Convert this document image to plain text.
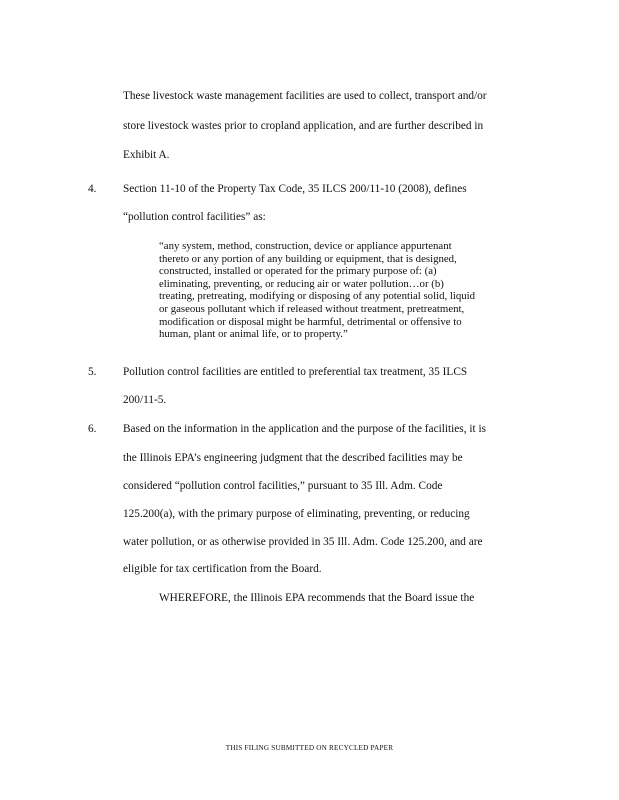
These livestock waste management facilities are used to collect, transport and/or
store livestock wastes prior to cropland application, and are further described in
Exhibit A.
4. Section 11-10 of the Property Tax Code, 35 ILCS 200/11-10 (2008), defines
“pollution control facilities” as:
“any system, method, construction, device or appliance appurtenant
thereto or any portion of any building or equipment, that is designed,
constructed, installed or operated for the primary purpose of: (a)
eliminating, preventing, or reducing air or water pollution…or (b)
treating, pretreating, modifying or disposing of any potential solid, liquid
or gaseous pollutant which if released without treatment, pretreatment,
modification or disposal might be harmful, detrimental or offensive to
human, plant or animal life, or to property.”
5. Pollution control facilities are entitled to preferential tax treatment, 35 ILCS
200/11-5.
6. Based on the information in the application and the purpose of the facilities, it is
the Illinois EPA’s engineering judgment that the described facilities may be
considered “pollution control facilities,” pursuant to 35 Ill. Adm. Code
125.200(a), with the primary purpose of eliminating, preventing, or reducing
water pollution, or as otherwise provided in 35 Ill. Adm. Code 125.200, and are
eligible for tax certification from the Board.
WHEREFORE, the Illinois EPA recommends that the Board issue the
THIS FILING SUBMITTED ON RECYCLED PAPER
